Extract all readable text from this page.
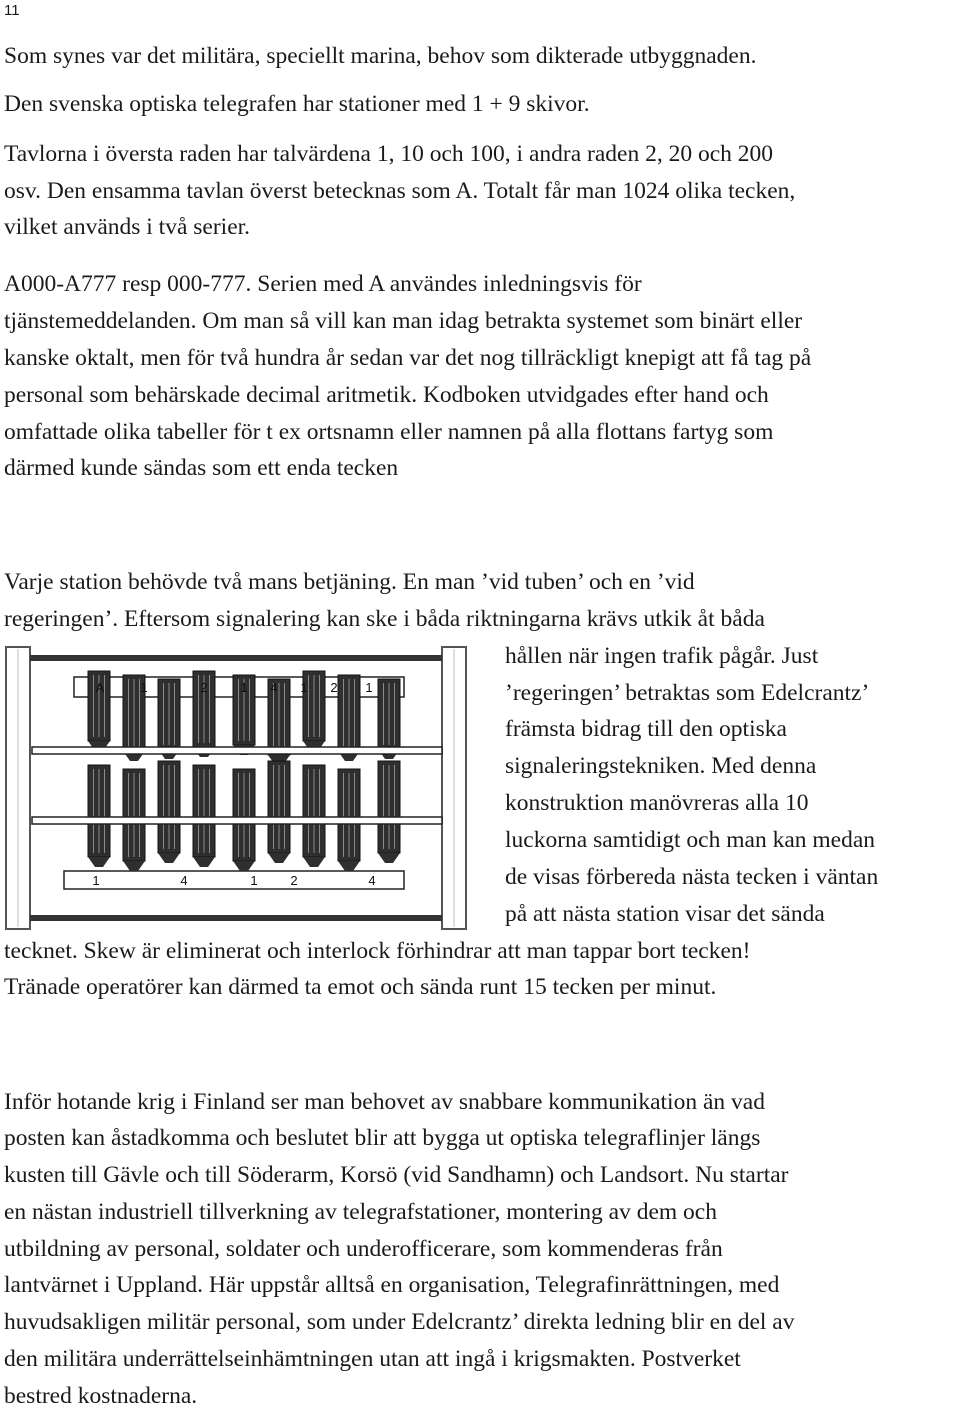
11
Som synes var det militära, speciellt marina, behov som dikterade utbyggnaden.
Den svenska optiska telegrafen har stationer med 1 + 9 skivor.
Tavlorna i översta raden har talvärdena 1, 10 och 100, i andra raden 2, 20 och 200
osv. Den ensamma tavlan överst betecknas som A. Totalt får man 1024 olika tecken,
vilket används i två serier.
A000-A777 resp 000-777. Serien med A användes inledningsvis för
tjänstemeddelanden. Om man så vill kan man idag betrakta systemet som binärt eller
kanske oktalt, men för två hundra år sedan var det nog tillräckligt knepigt att få tag på
personal som behärskade decimal aritmetik. Kodboken utvidgades efter hand och
omfattade olika tabeller för t ex ortsnamn eller namnen på alla flottans fartyg som
därmed kunde sändas som ett enda tecken
Varje station behövde två mans betjäning. En man ’vid tuben’ och en ’vid
regeringen’. Eftersom signalering kan ske i båda riktningarna krävs utkik åt båda
hållen när ingen trafik pågår. Just
’regeringen’ betraktas som Edelcrantz’
främsta bidrag till den optiska
signaleringstekniken. Med denna
konstruktion manövreras alla 10
luckorna samtidigt och man kan medan
de visas förbereda nästa tecken i väntan
på att nästa station visar det sända
tecknet. Skew är eliminerat och interlock förhindrar att man tappar bort tecken!
Tränade operatörer kan därmed ta emot och sända runt 15 tecken per minut.
Inför hotande krig i Finland ser man behovet av snabbare kommunikation än vad
posten kan åstadkomma och beslutet blir att bygga ut optiska telegraflinjer längs
kusten till Gävle och till Söderarm, Korsö (vid Sandhamn) och Landsort. Nu startar
en nästan industriell tillverkning av telegrafstationer, montering av dem och
utbildning av personal, soldater och underofficerare, som kommenderas från
lantvärnet i Uppland. Här uppstår alltså en organisation, Telegrafinrättningen, med
huvudsakligen militär personal, som under Edelcrantz’ direkta ledning blir en del av
den militära underrättelseinhämtningen utan att ingå i krigsmakten. Postverket
bestred kostnaderna.
A	1	2	1 4 1 2 1
1	4	1	2	4
